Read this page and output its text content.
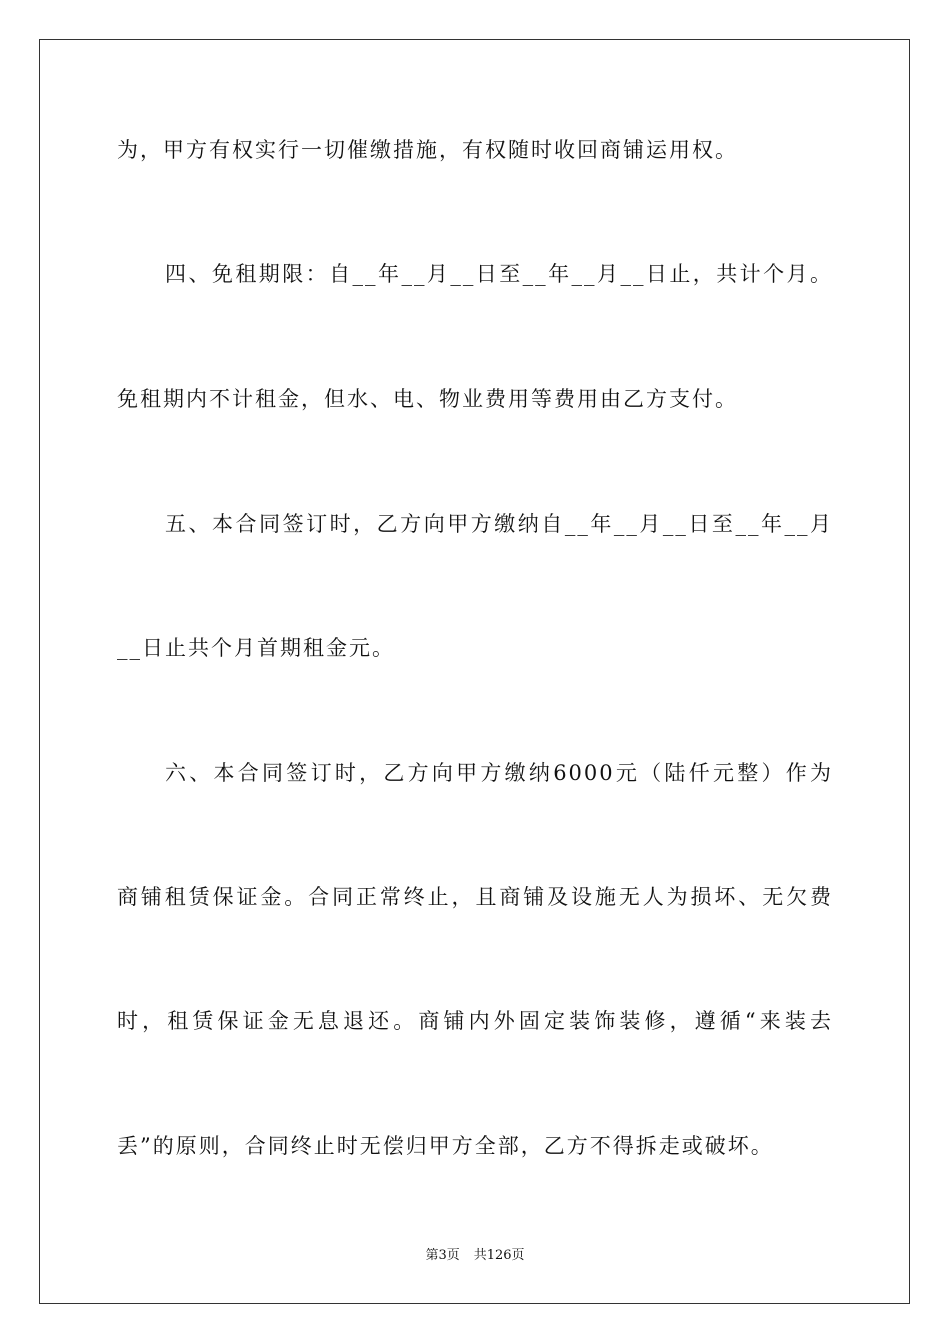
为，甲方有权实行一切催缴措施，有权随时收回商铺运用权。
四、免租期限：自__年__月__日至__年__月__日止，共计个月。
免租期内不计租金，但水、电、物业费用等费用由乙方支付。
五、本合同签订时，乙方向甲方缴纳自__年__月__日至__年__月
__日止共个月首期租金元。
六、本合同签订时，乙方向甲方缴纳6000元（陆仟元整）作为
商铺租赁保证金。合同正常终止，且商铺及设施无人为损坏、无欠费
时，租赁保证金无息退还。商铺内外固定装饰装修，遵循“来装去
丢”的原则，合同终止时无偿归甲方全部，乙方不得拆走或破坏。
第3页 共126页
